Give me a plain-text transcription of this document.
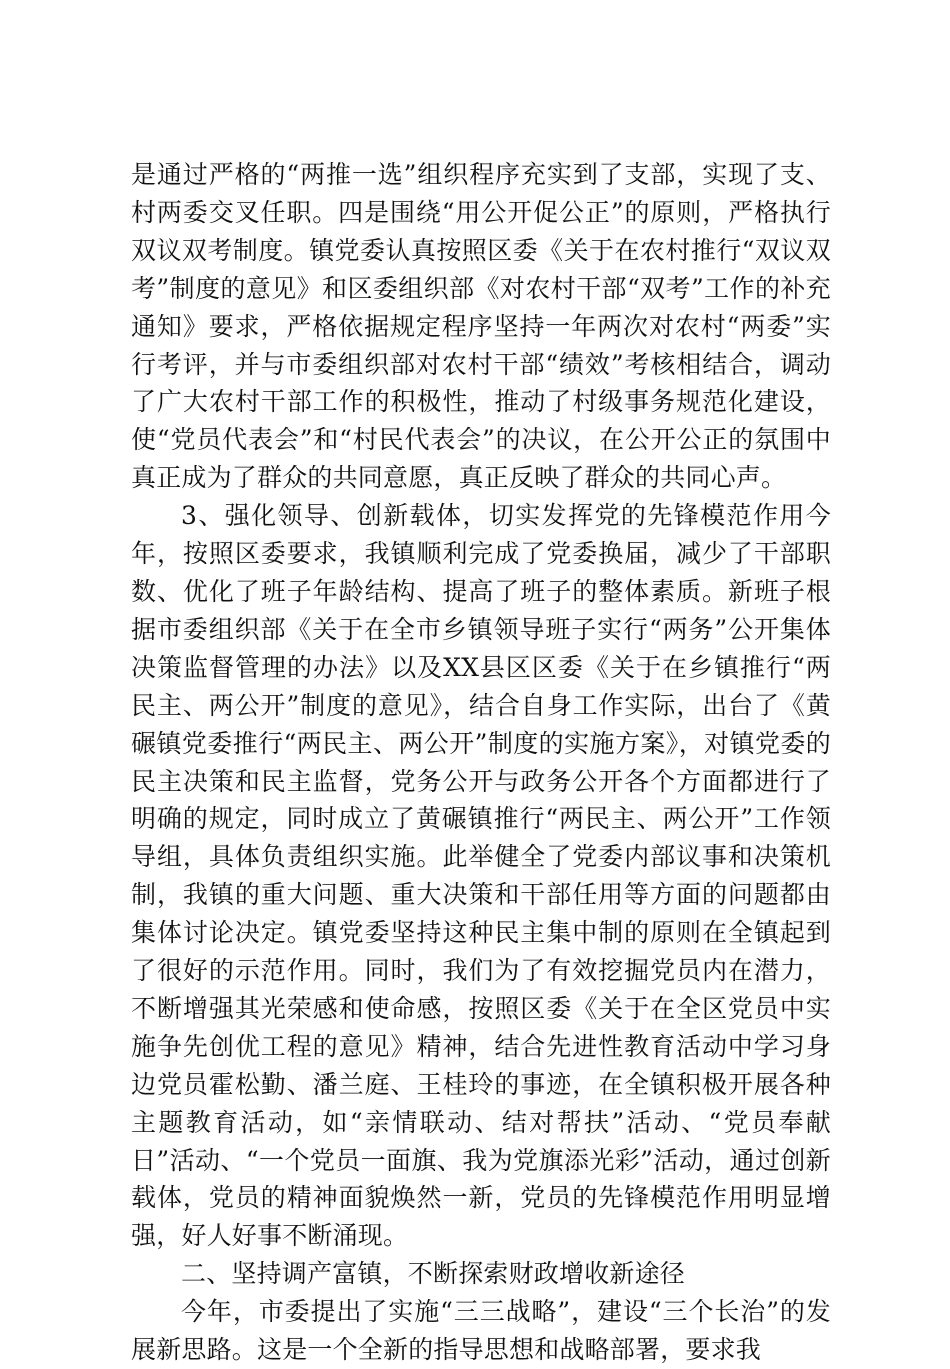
是通过严格的“两推一选”组织程序充实到了支部，实现了支、村两委交叉任职。四是围绕“用公开促公正”的原则，严格执行双议双考制度。镇党委认真按照区委《关于在农村推行“双议双考”制度的意见》和区委组织部《对农村干部“双考”工作的补充通知》要求，严格依据规定程序坚持一年两次对农村“两委”实行考评，并与市委组织部对农村干部“绩效”考核相结合，调动了广大农村干部工作的积极性，推动了村级事务规范化建设，使“党员代表会”和“村民代表会”的决议，在公开公正的氛围中真正成为了群众的共同意愿，真正反映了群众的共同心声。

3、强化领导、创新载体，切实发挥党的先锋模范作用今年，按照区委要求，我镇顺利完成了党委换届，减少了干部职数、优化了班子年龄结构、提高了班子的整体素质。新班子根据市委组织部《关于在全市乡镇领导班子实行“两务”公开集体决策监督管理的办法》以及XX县区区委《关于在乡镇推行“两民主、两公开”制度的意见》，结合自身工作实际，出台了《黄碾镇党委推行“两民主、两公开”制度的实施方案》，对镇党委的民主决策和民主监督，党务公开与政务公开各个方面都进行了明确的规定，同时成立了黄碾镇推行“两民主、两公开”工作领导组，具体负责组织实施。此举健全了党委内部议事和决策机制，我镇的重大问题、重大决策和干部任用等方面的问题都由集体讨论决定。镇党委坚持这种民主集中制的原则在全镇起到了很好的示范作用。同时，我们为了有效挖掘党员内在潜力，不断增强其光荣感和使命感，按照区委《关于在全区党员中实施争先创优工程的意见》精神，结合先进性教育活动中学习身边党员霍松勤、潘兰庭、王桂玲的事迹，在全镇积极开展各种主题教育活动，如“亲情联动、结对帮扶”活动、“党员奉献日”活动、“一个党员一面旗、我为党旗添光彩”活动，通过创新载体，党员的精神面貌焕然一新，党员的先锋模范作用明显增强，好人好事不断涌现。

二、坚持调产富镇，不断探索财政增收新途径

今年，市委提出了实施“三三战略”，建设“三个长治”的发展新思路。这是一个全新的指导思想和战略部署，要求我
